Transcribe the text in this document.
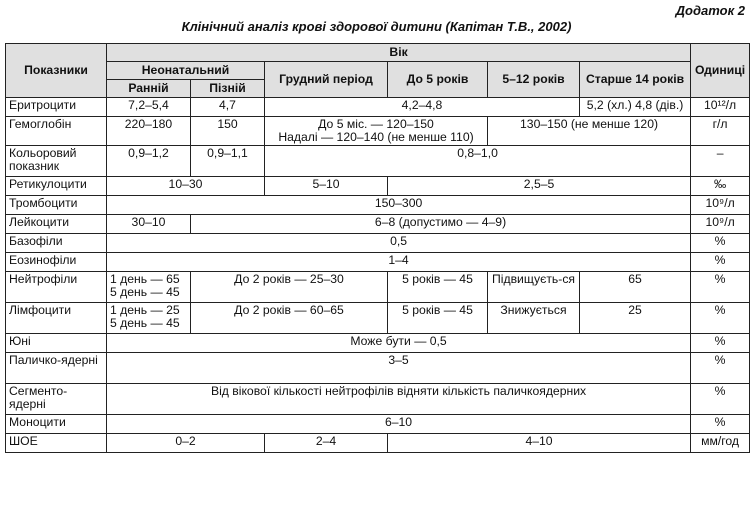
Додаток 2
Клінічний аналіз крові здорової дитини (Капітан Т.В., 2002)
Показники	Вік						Одиниці
	Неонатальний		Грудний період	До 5 років	5–12 років	Старше 14 років	
	Ранній	Пізній					
Еритроцити	7,2–5,4	4,7	4,2–4,8			5,2 (хл.) 4,8 (дів.)	10¹²/л
Гемоглобін	220–180	150	До 5 міс. — 120–150
Надалі — 120–140 (не менше 110)		130–150 (не менше 120)		г/л
Кольоровий показник	0,9–1,2	0,9–1,1	0,8–1,0				–
Ретикулоцити	10–30		5–10	2,5–5			‰
Тромбоцити	150–300						10⁹/л
Лейкоцити	30–10	6–8 (допустимо — 4–9)					10⁹/л
Базофіли	0,5						%
Еозинофіли	1–4						%
Нейтрофіли	1 день — 65
5 день — 45	До 2 років — 25–30		5 років — 45	Підвищуєть-ся	65	%
Лімфоцити	1 день — 25
5 день — 45	До 2 років — 60–65		5 років — 45	Знижується	25	%
Юні	Може бути — 0,5						%
Паличко-ядерні	3–5						%
Сегменто-ядерні	Від вікової кількості нейтрофілів відняти кількість паличкоядерних						%
Моноцити	6–10						%
ШОЕ	0–2		2–4	4–10			мм/год
